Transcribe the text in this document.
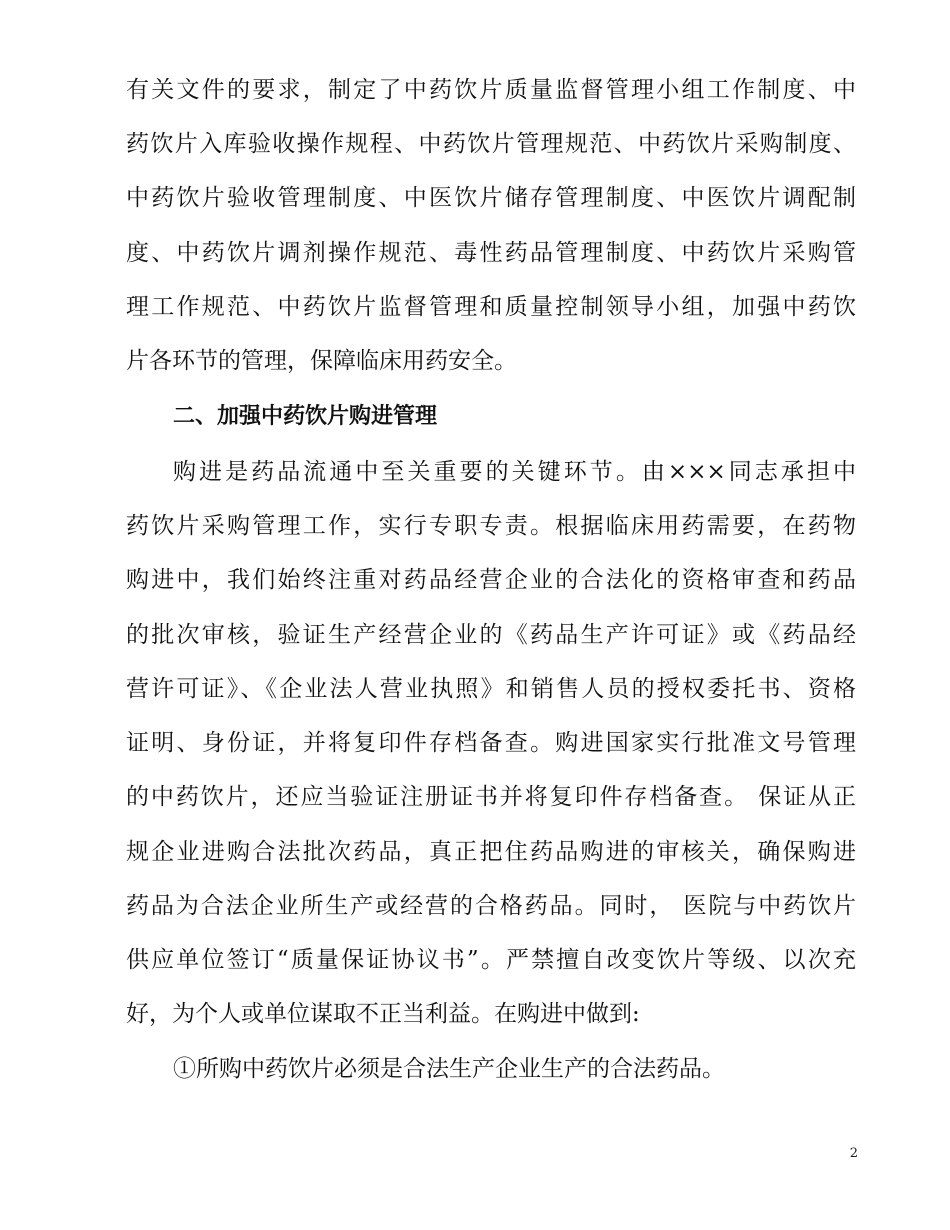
有关文件的要求，制定了中药饮片质量监督管理小组工作制度、中
药饮片入库验收操作规程、中药饮片管理规范、中药饮片采购制度、
中药饮片验收管理制度、中医饮片储存管理制度、中医饮片调配制
度、中药饮片调剂操作规范、毒性药品管理制度、中药饮片采购管
理工作规范、中药饮片监督管理和质量控制领导小组，加强中药饮
片各环节的管理，保障临床用药安全。
二、加强中药饮片购进管理
购进是药品流通中至关重要的关键环节。由×××同志承担中
药饮片采购管理工作，实行专职专责。根据临床用药需要，在药物
购进中，我们始终注重对药品经营企业的合法化的资格审查和药品
的批次审核，验证生产经营企业的《药品生产许可证》或《药品经
营许可证》、《企业法人营业执照》和销售人员的授权委托书、资格
证明、身份证，并将复印件存档备查。购进国家实行批准文号管理
的中药饮片，还应当验证注册证书并将复印件存档备查。 保证从正
规企业进购合法批次药品，真正把住药品购进的审核关，确保购进
药品为合法企业所生产或经营的合格药品。同时， 医院与中药饮片
供应单位签订“质量保证协议书”。严禁擅自改变饮片等级、以次充
好，为个人或单位谋取不正当利益。在购进中做到:
①所购中药饮片必须是合法生产企业生产的合法药品。
2
